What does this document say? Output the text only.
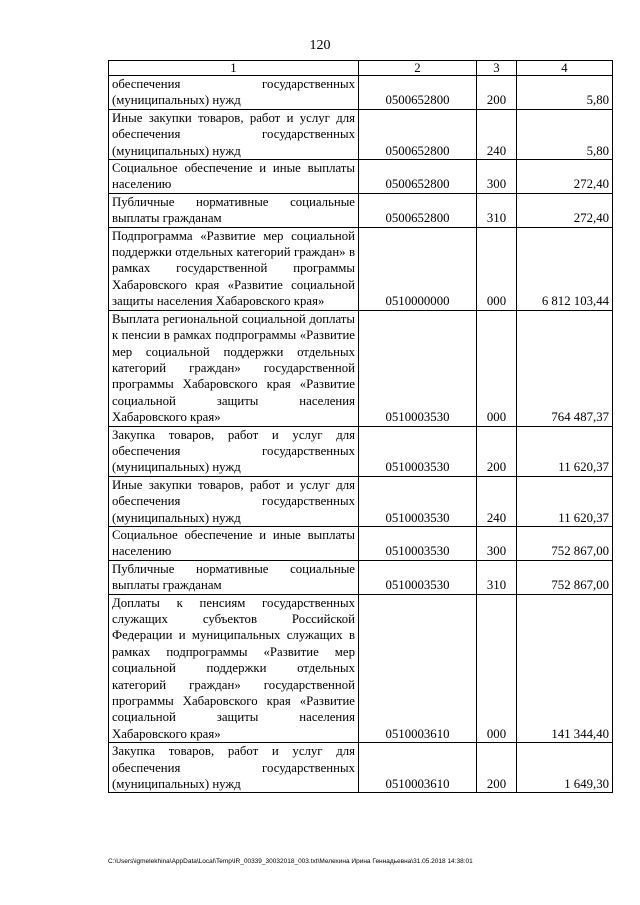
120
1	2	3	4
обеспечения государственных (муниципальных) нужд	0500652800	200	5,80
Иные закупки товаров, работ и услуг для обеспечения государственных (муниципальных) нужд	0500652800	240	5,80
Социальное обеспечение и иные выплаты населению	0500652800	300	272,40
Публичные нормативные социальные выплаты гражданам	0500652800	310	272,40
Подпрограмма «Развитие мер социальной поддержки отдельных категорий граждан» в рамках государственной программы Хабаровского края «Развитие социальной защиты населения Хабаровского края»	0510000000	000	6 812 103,44
Выплата региональной социальной доплаты к пенсии в рамках подпрограммы «Развитие мер социальной поддержки отдельных категорий граждан» государственной программы Хабаровского края «Развитие социальной защиты населения Хабаровского края»	0510003530	000	764 487,37
Закупка товаров, работ и услуг для обеспечения государственных (муниципальных) нужд	0510003530	200	11 620,37
Иные закупки товаров, работ и услуг для обеспечения государственных (муниципальных) нужд	0510003530	240	11 620,37
Социальное обеспечение и иные выплаты населению	0510003530	300	752 867,00
Публичные нормативные социальные выплаты гражданам	0510003530	310	752 867,00
Доплаты к пенсиям государственных служащих субъектов Российской Федерации и муниципальных служащих в рамках подпрограммы «Развитие мер социальной поддержки отдельных категорий граждан» государственной программы Хабаровского края «Развитие социальной защиты населения Хабаровского края»	0510003610	000	141 344,40
Закупка товаров, работ и услуг для обеспечения государственных (муниципальных) нужд	0510003610	200	1 649,30
C:\Users\igmelekhina\AppData\Local\Temp\IR_00339_30032018_003.txt\Мелехина Ирина Геннадьевна\31.05.2018 14:38:01
